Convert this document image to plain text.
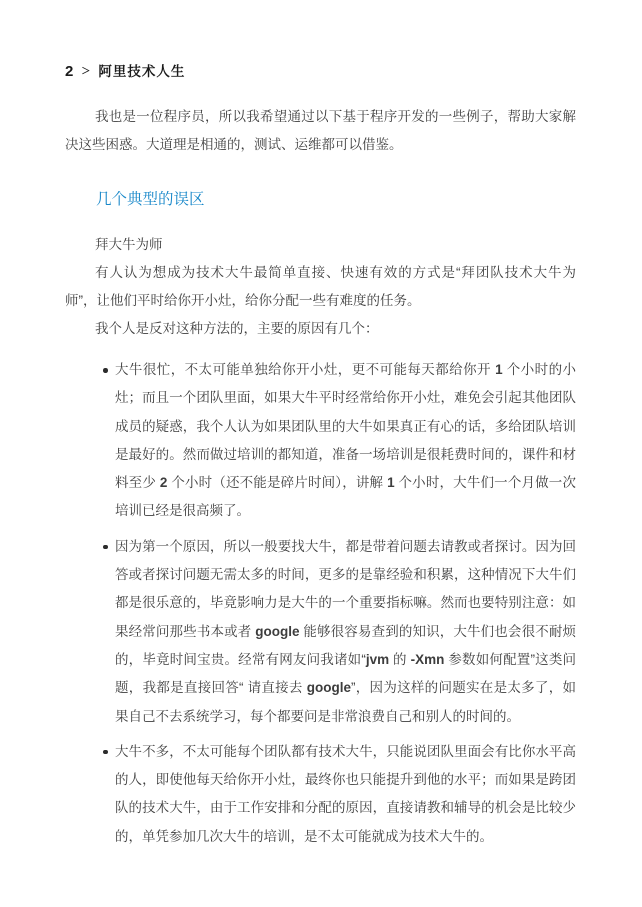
2 ＞ 阿里技术人生

我也是一位程序员，所以我希望通过以下基于程序开发的一些例子，帮助大家解决这些困惑。大道理是相通的，测试、运维都可以借鉴。

几个典型的误区
拜大牛为师

有人认为想成为技术大牛最简单直接、快速有效的方式是“拜团队技术大牛为师”，让他们平时给你开小灶，给你分配一些有难度的任务。

我个人是反对这种方法的，主要的原因有几个：

大牛很忙，不太可能单独给你开小灶，更不可能每天都给你开 1 个小时的小灶；而且一个团队里面，如果大牛平时经常给你开小灶，难免会引起其他团队成员的疑惑，我个人认为如果团队里的大牛如果真正有心的话，多给团队培训是最好的。然而做过培训的都知道，准备一场培训是很耗费时间的，课件和材料至少 2 个小时（还不能是碎片时间），讲解 1 个小时，大牛们一个月做一次 培训已经是很高频了。
因为第一个原因，所以一般要找大牛，都是带着问题去请教或者探讨。因为回答或者探讨问题无需太多的时间，更多的是靠经验和积累，这种情况下大牛们都是很乐意的，毕竟影响力是大牛的一个重要指标嘛。然而也要特别注意：如果经常问那些书本或者 google 能够很容易查到的知识，大牛们也会很不耐烦的，毕竟时间宝贵。经常有网友问我诸如“jvm 的 -Xmn 参数如何配置”这类问题，我都是直接回答“ 请直接去 google”，因为这样的问题实在是太多了，如果自己不去系统学习，每个都要问是非常浪费自己和别人的时间的。
大牛不多，不太可能每个团队都有技术大牛，只能说团队里面会有比你水平高的人，即使他每天给你开小灶，最终你也只能提升到他的水平；而如果是跨团队的技术大牛，由于工作安排和分配的原因，直接请教和辅导的机会是比较少的，单凭参加几次大牛的培训，是不太可能就成为技术大牛的。
